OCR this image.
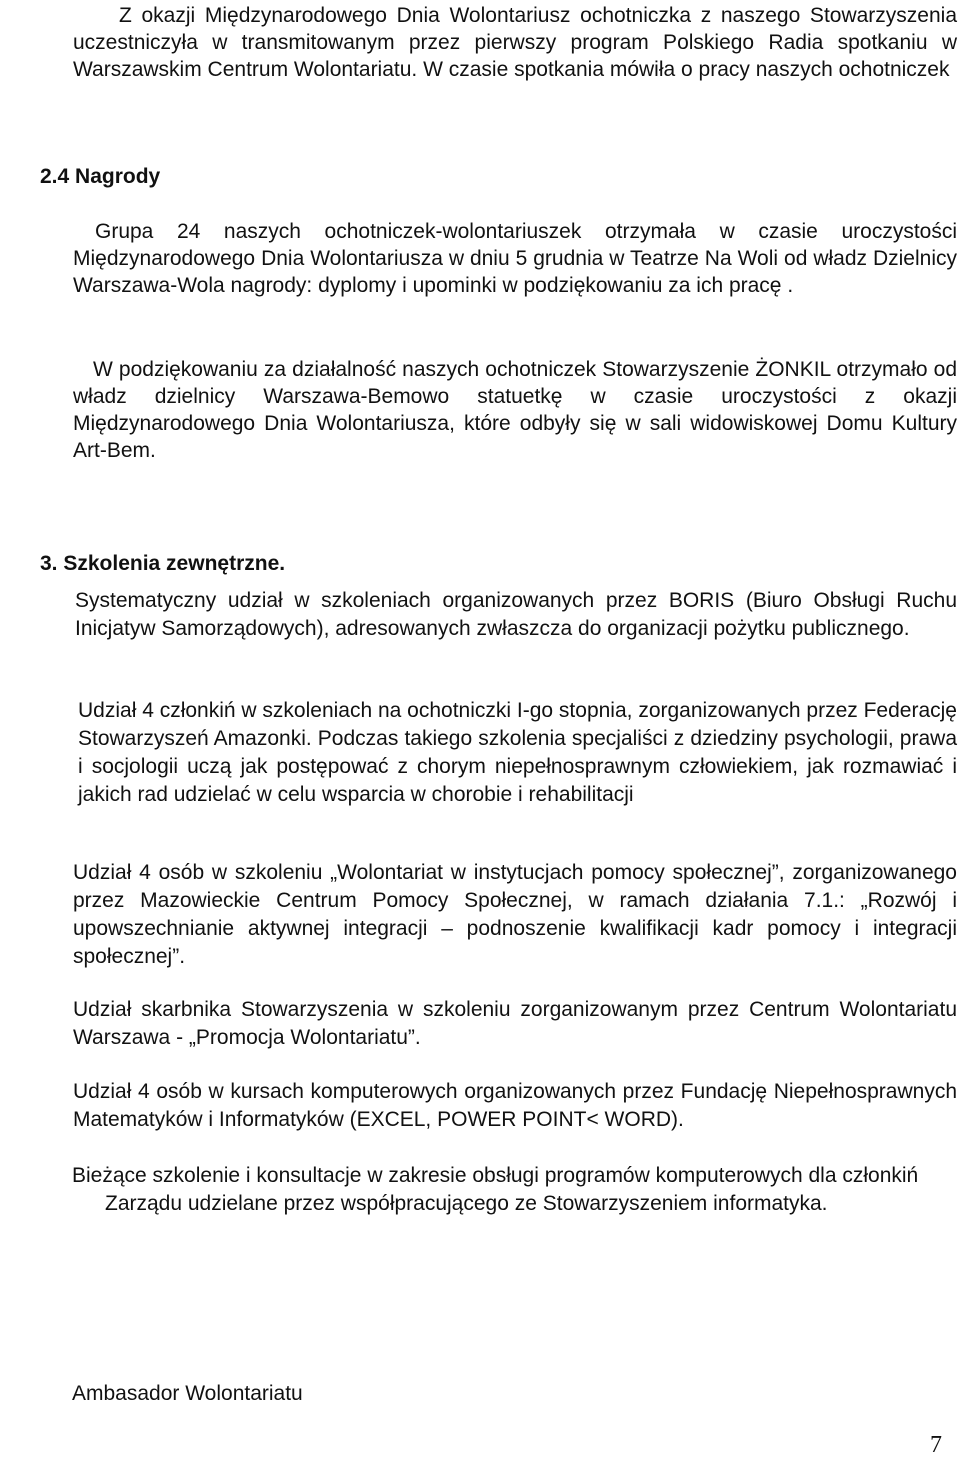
Z okazji Międzynarodowego Dnia Wolontariusz ochotniczka z naszego Stowarzyszenia uczestniczyła w transmitowanym przez pierwszy program Polskiego Radia spotkaniu w Warszawskim Centrum Wolontariatu. W czasie spotkania mówiła o pracy naszych ochotniczek

2.4 Nagrody

Grupa 24 naszych ochotniczek-wolontariuszek otrzymała w czasie uroczystości Międzynarodowego Dnia Wolontariusza w dniu 5 grudnia w Teatrze Na Woli od władz Dzielnicy Warszawa-Wola nagrody: dyplomy i upominki w podziękowaniu za ich pracę .

W podziękowaniu za działalność naszych ochotniczek Stowarzyszenie ŻONKIL otrzymało od władz dzielnicy Warszawa-Bemowo statuetkę w czasie uroczystości z okazji Międzynarodowego Dnia Wolontariusza, które odbyły się w sali widowiskowej Domu Kultury Art-Bem.

3. Szkolenia zewnętrzne.

Systematyczny udział w szkoleniach organizowanych przez BORIS (Biuro Obsługi Ruchu Inicjatyw Samorządowych), adresowanych zwłaszcza do organizacji pożytku publicznego.

Udział 4 członkiń w szkoleniach na ochotniczki I-go stopnia, zorganizowanych przez Federację Stowarzyszeń Amazonki. Podczas takiego szkolenia specjaliści z dziedziny psychologii, prawa i socjologii uczą jak postępować z chorym niepełnosprawnym człowiekiem, jak rozmawiać i jakich rad udzielać w celu wsparcia w chorobie i rehabilitacji

Udział 4 osób w szkoleniu „Wolontariat w instytucjach pomocy społecznej”, zorganizowanego przez Mazowieckie Centrum Pomocy Społecznej, w ramach działania 7.1.: „Rozwój i upowszechnianie aktywnej integracji – podnoszenie kwalifikacji kadr pomocy i integracji społecznej”.

Udział skarbnika Stowarzyszenia w szkoleniu zorganizowanym przez Centrum Wolontariatu Warszawa - „Promocja Wolontariatu”.

Udział 4 osób w kursach komputerowych organizowanych przez Fundację Niepełnosprawnych Matematyków i Informatyków (EXCEL, POWER POINT< WORD).

Bieżące szkolenie i konsultacje w zakresie obsługi programów komputerowych dla członkiń Zarządu udzielane przez współpracującego ze Stowarzyszeniem informatyka.

Ambasador Wolontariatu
7
